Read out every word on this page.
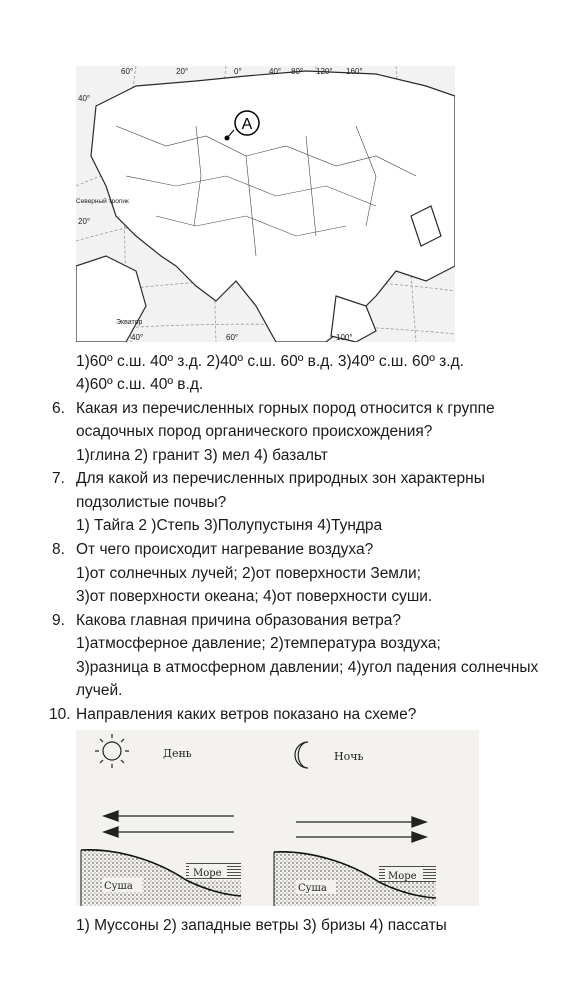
A
60°	20°	0°	40° 80° 120° 160°
40°
Северный тропик
20°
Экватор
40°	60°	100°
1)60º с.ш. 40º з.д. 2)40º с.ш. 60º в.д. 3)40º с.ш. 60º з.д.
4)60º с.ш. 40º в.д.
6. Какая из перечисленных горных пород относится к группе
осадочных пород органического происхождения?
1)глина 2) гранит 3) мел 4) базальт
7. Для какой из перечисленных природных зон характерны
подзолистые почвы?
1) Тайга 2 )Степь 3)Полупустыня 4)Тундра
8. От чего происходит нагревание воздуха?
1)от солнечных лучей; 2)от поверхности Земли;
3)от поверхности океана; 4)от поверхности суши.
9. Какова главная причина образования ветра?
1)атмосферное давление; 2)температура воздуха;
3)разница в атмосферном давлении; 4)угол падения солнечных
лучей.
10. Направления каких ветров показано на схеме?
День	Ночь
Море
Суша
Море
Суша
1) Муссоны 2) западные ветры 3) бризы 4) пассаты
